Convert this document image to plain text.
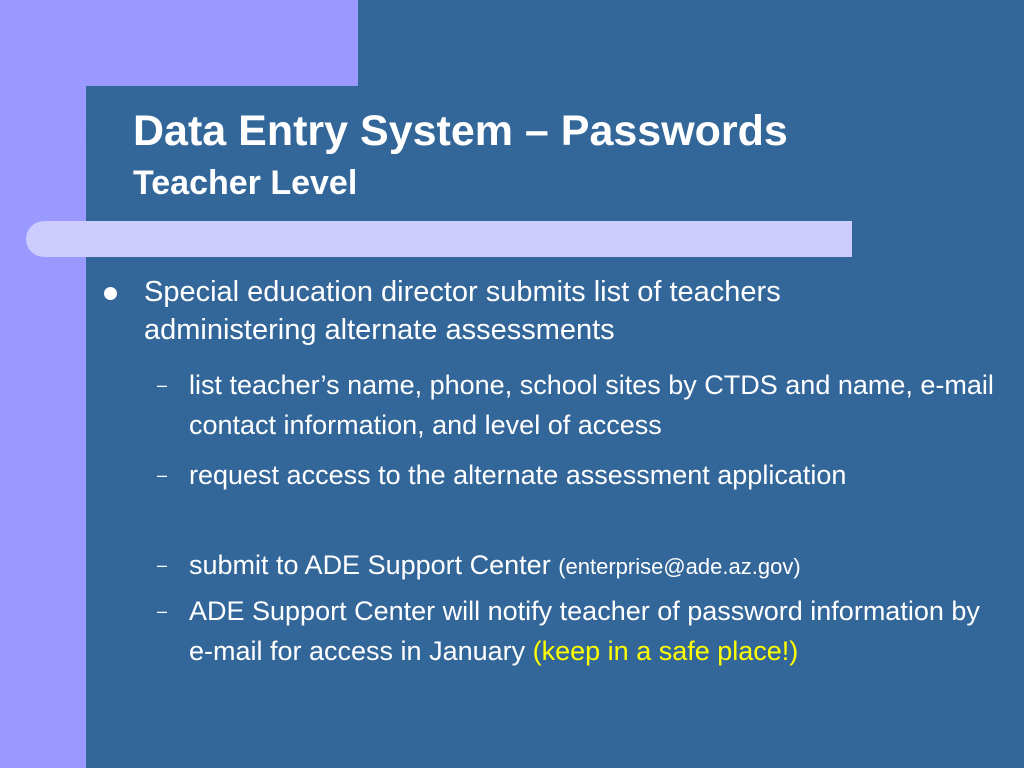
Data Entry System – Passwords
Teacher Level
Special education director submits list of teachers administering alternate assessments
– list teacher’s name, phone, school sites by CTDS and name, e-mail contact information, and level of access
– request access to the alternate assessment application
– submit to ADE Support Center (enterprise@ade.az.gov)
– ADE Support Center will notify teacher of password information by e-mail for access in January (keep in a safe place!)
